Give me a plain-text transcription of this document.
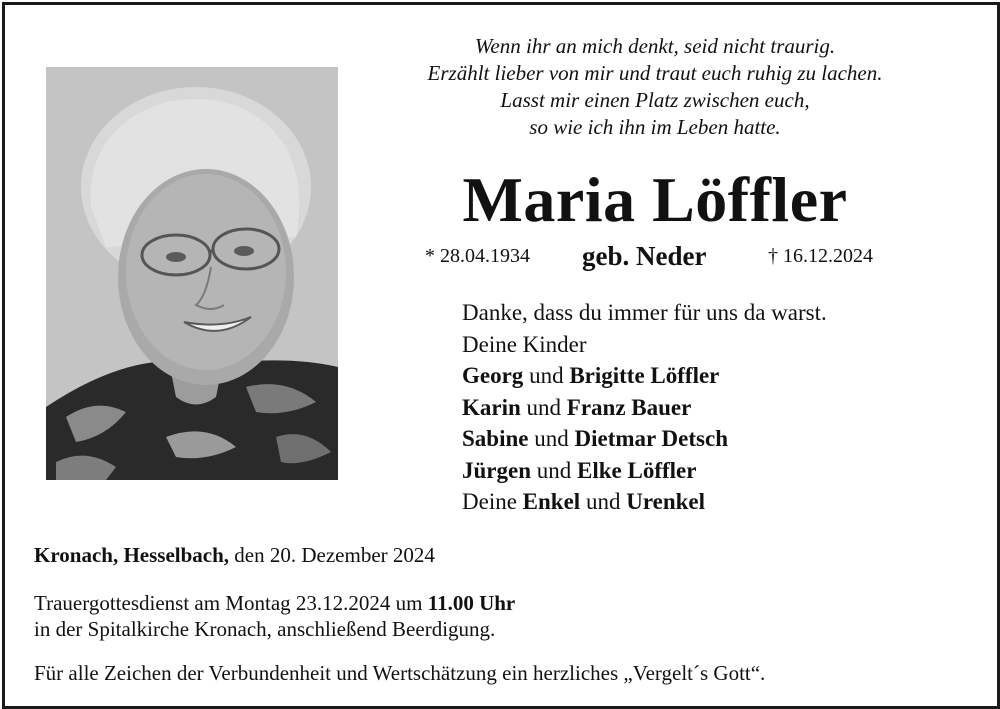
Wenn ihr an mich denkt, seid nicht traurig.
Erzählt lieber von mir und traut euch ruhig zu lachen.
Lasst mir einen Platz zwischen euch,
so wie ich ihn im Leben hatte.
Maria Löffler
* 28.04.1934 geb. Neder	† 16.12.2024
Danke, dass du immer für uns da warst.
Deine Kinder
Georg und Brigitte Löffler
Karin und Franz Bauer
Sabine und Dietmar Detsch
Jürgen und Elke Löffler
Deine Enkel und Urenkel
Kronach, Hesselbach, den 20. Dezember 2024
Trauergottesdienst am Montag 23.12.2024 um 11.00 Uhr
in der Spitalkirche Kronach, anschließend Beerdigung.
Für alle Zeichen der Verbundenheit und Wertschätzung ein herzliches „Vergelt´s Gott“.
